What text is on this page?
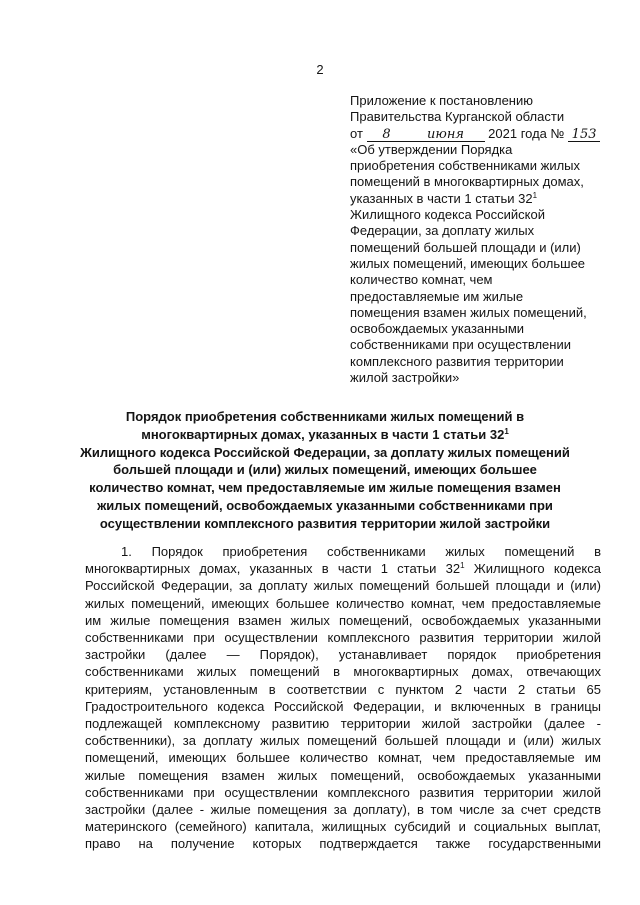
2
Приложение к постановлению
Правительства Курганской области
от 8	июня 2021 года № 153
«Об утверждении Порядка
приобретения собственниками жилых
помещений в многоквартирных домах,
указанных в части 1 статьи $32^1$
Жилищного кодекса Российской
Федерации, за доплату жилых
помещений большей площади и (или)
жилых помещений, имеющих большее
количество комнат, чем
предоставляемые им жилые
помещения взамен жилых помещений,
освобождаемых указанными
собственниками при осуществлении
комплексного развития территории
жилой застройки»
Порядок приобретения собственниками жилых помещений в
многоквартирных домах, указанных в части 1 статьи $32^1$
Жилищного кодекса Российской Федерации, за доплату жилых помещений
большей площади и (или) жилых помещений, имеющих большее
количество комнат, чем предоставляемые им жилые помещения взамен
жилых помещений, освобождаемых указанными собственниками при
осуществлении комплексного развития территории жилой застройки
1. Порядок приобретения собственниками жилых помещений в
многоквартирных домах, указанных в части 1 статьи $32^1$ Жилищного кодекса
Российской Федерации, за доплату жилых помещений большей площади и (или)
жилых помещений, имеющих большее количество комнат, чем предоставляемые
им жилые помещения взамен жилых помещений, освобождаемых указанными
собственниками при осуществлении комплексного развития территории жилой
застройки (далее — Порядок), устанавливает порядок приобретения
собственниками жилых помещений в многоквартирных домах, отвечающих
критериям, установленным в соответствии с пунктом 2 части 2 статьи 65
Градостроительного кодекса Российской Федерации, и включенных в границы
подлежащей комплексному развитию территории жилой застройки (далее -
собственники), за доплату жилых помещений большей площади и (или) жилых
помещений, имеющих большее количество комнат, чем предоставляемые им
жилые помещения взамен жилых помещений, освобождаемых указанными
собственниками при осуществлении комплексного развития территории жилой
застройки (далее - жилые помещения за доплату), в том числе за счет средств
материнского (семейного) капитала, жилищных субсидий и социальных выплат,
право на получение которых подтверждается также государственными
